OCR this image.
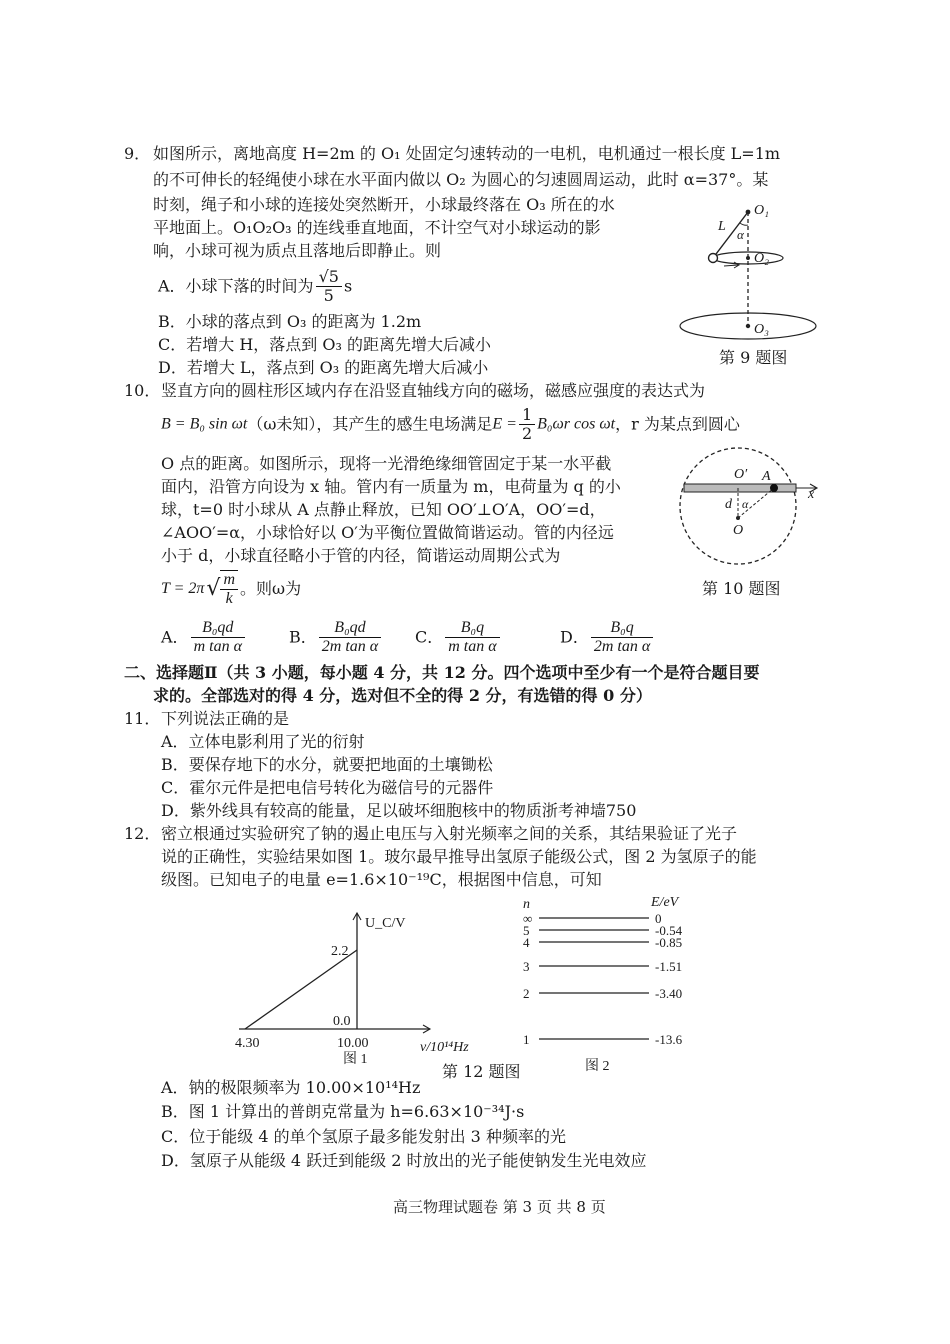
9． 如图所示，离地高度 H=2m 的 O₁ 处固定匀速转动的一电机，电机通过一根长度 L=1m
的不可伸长的轻绳使小球在水平面内做以 O₂ 为圆心的匀速圆周运动，此时 α=37°。某
时刻，绳子和小球的连接处突然断开，小球最终落在 O₃ 所在的水
平地面上。O₁O₂O₃ 的连线垂直地面，不计空气对小球运动的影
响，小球可视为质点且落地后即静止。则
A．小球下落的时间为 $\frac{√5}{5}$ s
B．小球的落点到 O₃ 的距离为 1.2m
C．若增大 H，落点到 O₃ 的距离先增大后减小
D．若增大 L，落点到 O₃ 的距离先增大后减小
O₁
L
α
O₂
O₃
第 9 题图
10． 竖直方向的圆柱形区域内存在沿竖直轴线方向的磁场，磁感应强度的表达式为
B = B₀ sin ωt（ω未知），其产生的感生电场满足$E = \frac{1}{2} B_0\omega r$ cos ωt，r 为某点到圆心
O 点的距离。如图所示，现将一光滑绝缘细管固定于某一水平截
面内，沿管方向设为 x 轴。管内有一质量为 m，电荷量为 q 的小
球，t=0 时小球从 A 点静止释放，已知 OO′⊥O′A，OO′=d，
∠AOO′=α，小球恰好以 O′为平衡位置做简谐运动。管的内径远
小于 d，小球直径略小于管的内径，简谐运动周期公式为
$T = 2\pi√ \frac{m}{k}$ 。则ω为
A． $\frac{\text{B₀qd}}{\text{m tan α}}$	B． $\frac{\text{B₀qd}}{\text{2m tan α}}$ C． $\frac{\text{B₀q}}{\text{m tan α}}$	D． $\frac{\text{B₀q}}{\text{2m tan α}}$
O′ A
d α
O
x
第 10 题图
二、选择题Ⅱ（共 3 小题，每小题 4 分，共 12 分。四个选项中至少有一个是符合题目要
求的。全部选对的得 4 分，选对但不全的得 2 分，有选错的得 0 分）
11． 下列说法正确的是
A．立体电影利用了光的衍射
B．要保存地下的水分，就要把地面的土壤锄松
C．霍尔元件是把电信号转化为磁信号的元器件
D．紫外线具有较高的能量，足以破坏细胞核中的物质浙考神墙750
12． 密立根通过实验研究了钠的遏止电压与入射光频率之间的关系，其结果验证了光子
说的正确性，实验结果如图 1。玻尔最早推导出氢原子能级公式，图 2 为氢原子的能
级图。已知电子的电量 e=1.6×10⁻¹⁹C，根据图中信息，可知
U_C/V
2.2
0.0
4.30	10.00	ν/10¹⁴Hz
图 1
n	E/eV
∞	0
5	-0.54
4	-0.85
3	-1.51
2	-3.40
1	-13.6
图 2
第 12 题图
A．钠的极限频率为 10.00×10¹⁴Hz
B．图 1 计算出的普朗克常量为 h=6.63×10⁻³⁴J·s
C．位于能级 4 的单个氢原子最多能发射出 3 种频率的光
D．氢原子从能级 4 跃迁到能级 2 时放出的光子能使钠发生光电效应
高三物理试题卷 第 3 页 共 8 页
